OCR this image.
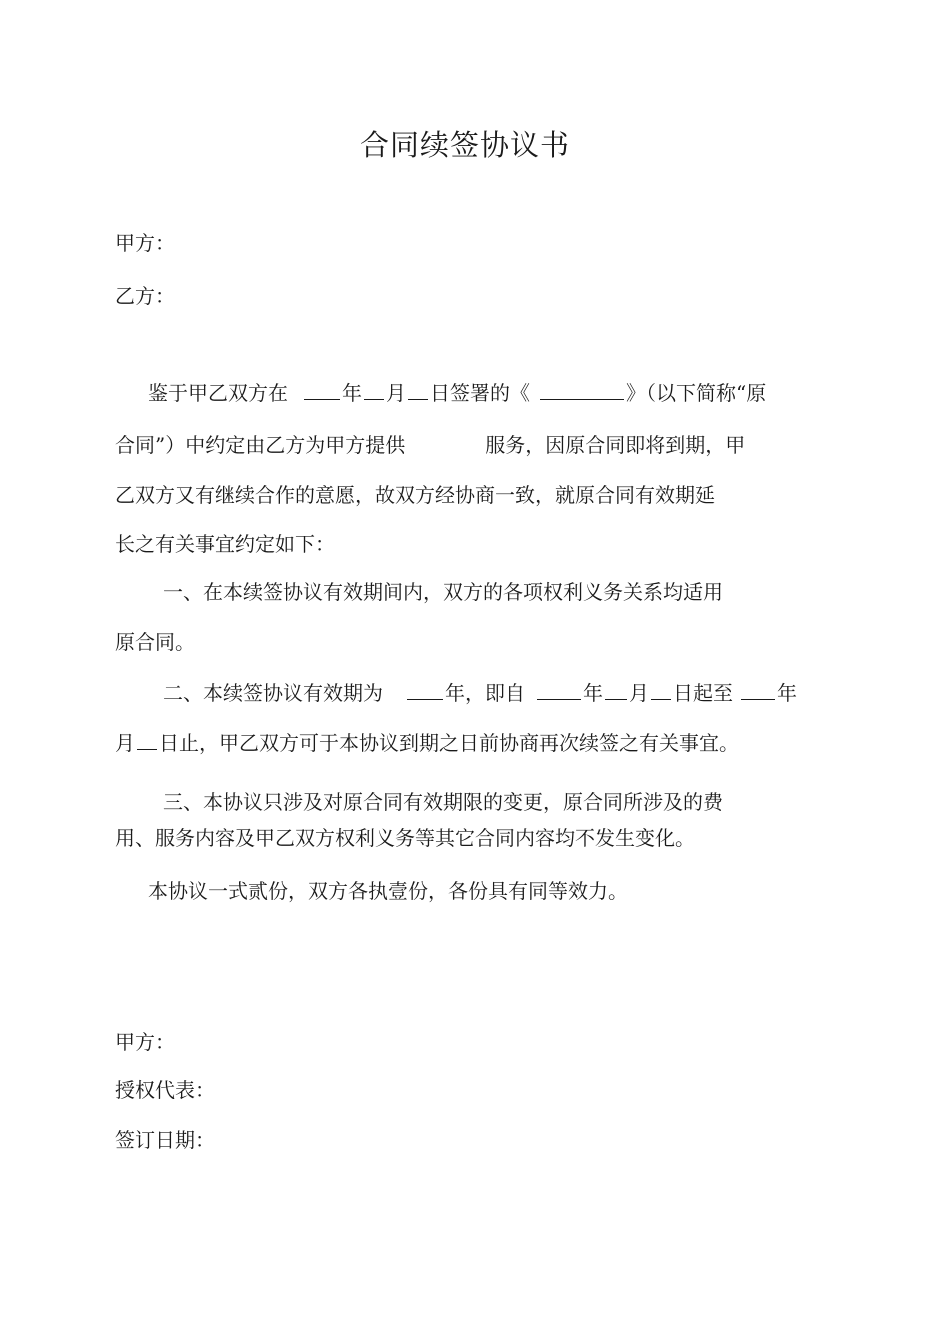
合同续签协议书
甲方：
乙方：
鉴于甲乙双方在	年 月 日签署的《	》（以下简称“原
合同”）中约定由乙方为甲方提供	服务，因原合同即将到期，甲
乙双方又有继续合作的意愿，故双方经协商一致，就原合同有效期延
长之有关事宜约定如下：
一、在本续签协议有效期间内，双方的各项权利义务关系均适用
原合同。
二、本续签协议有效期为	年，即自	年 月 日起至 年
月 日止，甲乙双方可于本协议到期之日前协商再次续签之有关事宜。
三、本协议只涉及对原合同有效期限的变更，原合同所涉及的费
用、服务内容及甲乙双方权利义务等其它合同内容均不发生变化。
本协议一式贰份，双方各执壹份，各份具有同等效力。
甲方：
授权代表：
签订日期：
